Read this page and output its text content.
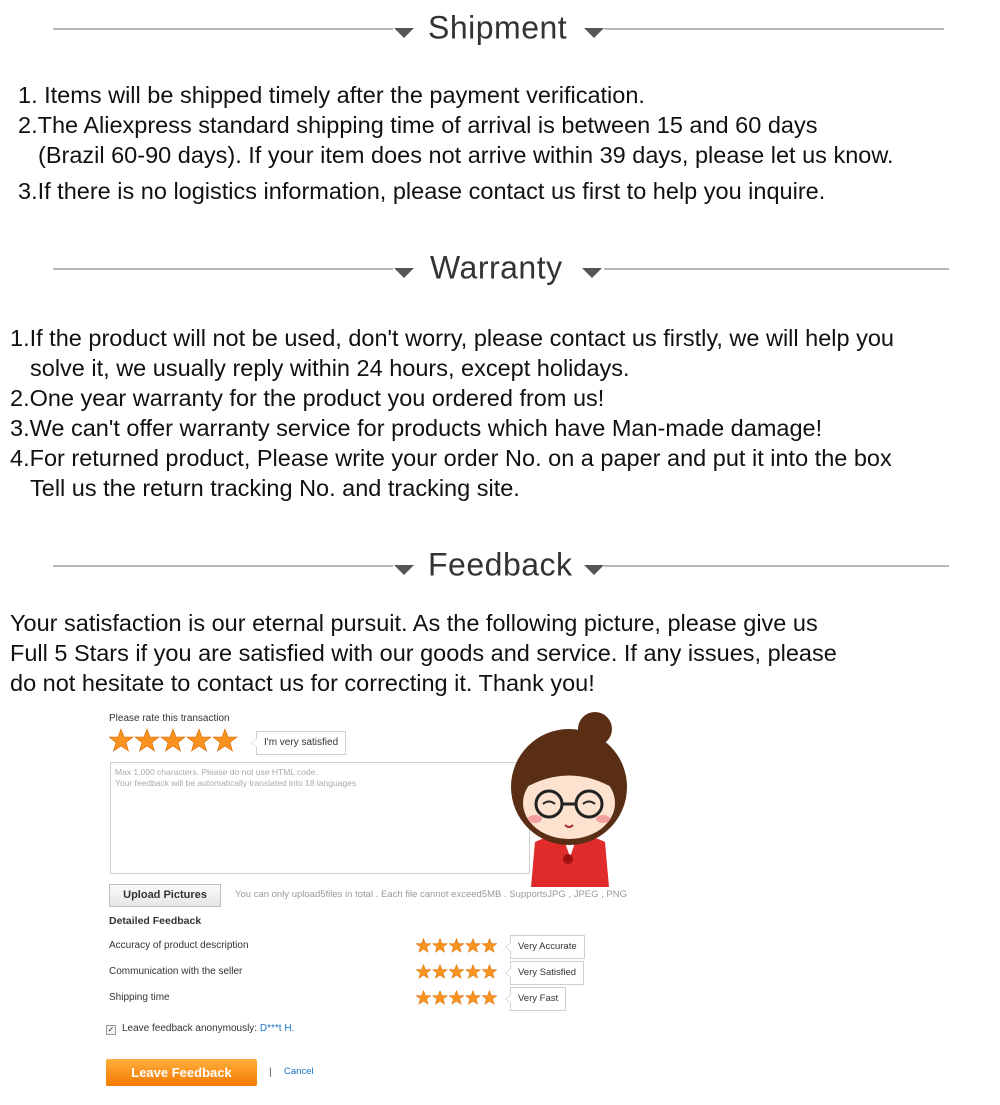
Shipment
1. Items will be shipped timely after the payment verification.
2.The Aliexpress standard shipping time of arrival is between 15 and 60 days
(Brazil 60-90 days). If your item does not arrive within 39 days, please let us know.
3.If there is no logistics information, please contact us first to help you inquire.
Warranty
1.If the product will not be used, don't worry, please contact us firstly, we will help you
solve it, we usually reply within 24 hours, except holidays.
2.One year warranty for the product you ordered from us!
3.We can't offer warranty service for products which have Man-made damage!
4.For returned product, Please write your order No. on a paper and put it into the box
Tell us the return tracking No. and tracking site.
Feedback
Your satisfaction is our eternal pursuit. As the following picture, please give us
Full 5 Stars if you are satisfied with our goods and service. If any issues, please
do not hesitate to contact us for correcting it. Thank you!
Please rate this transaction
I'm very satisfied
Max 1,000 characters. Please do not use HTML code.
Your feedback will be automatically translated into 18 languages
Upload Pictures	You can only upload5files in total . Each file cannot exceed5MB . SupportsJPG , JPEG , PNG
Detailed Feedback
Accuracy of product description	Very Accurate
Communication with the seller	Very Satisfied
Shipping time	Very Fast
✓ Leave feedback anonymously: D***t H.
Leave Feedback	| Cancel
